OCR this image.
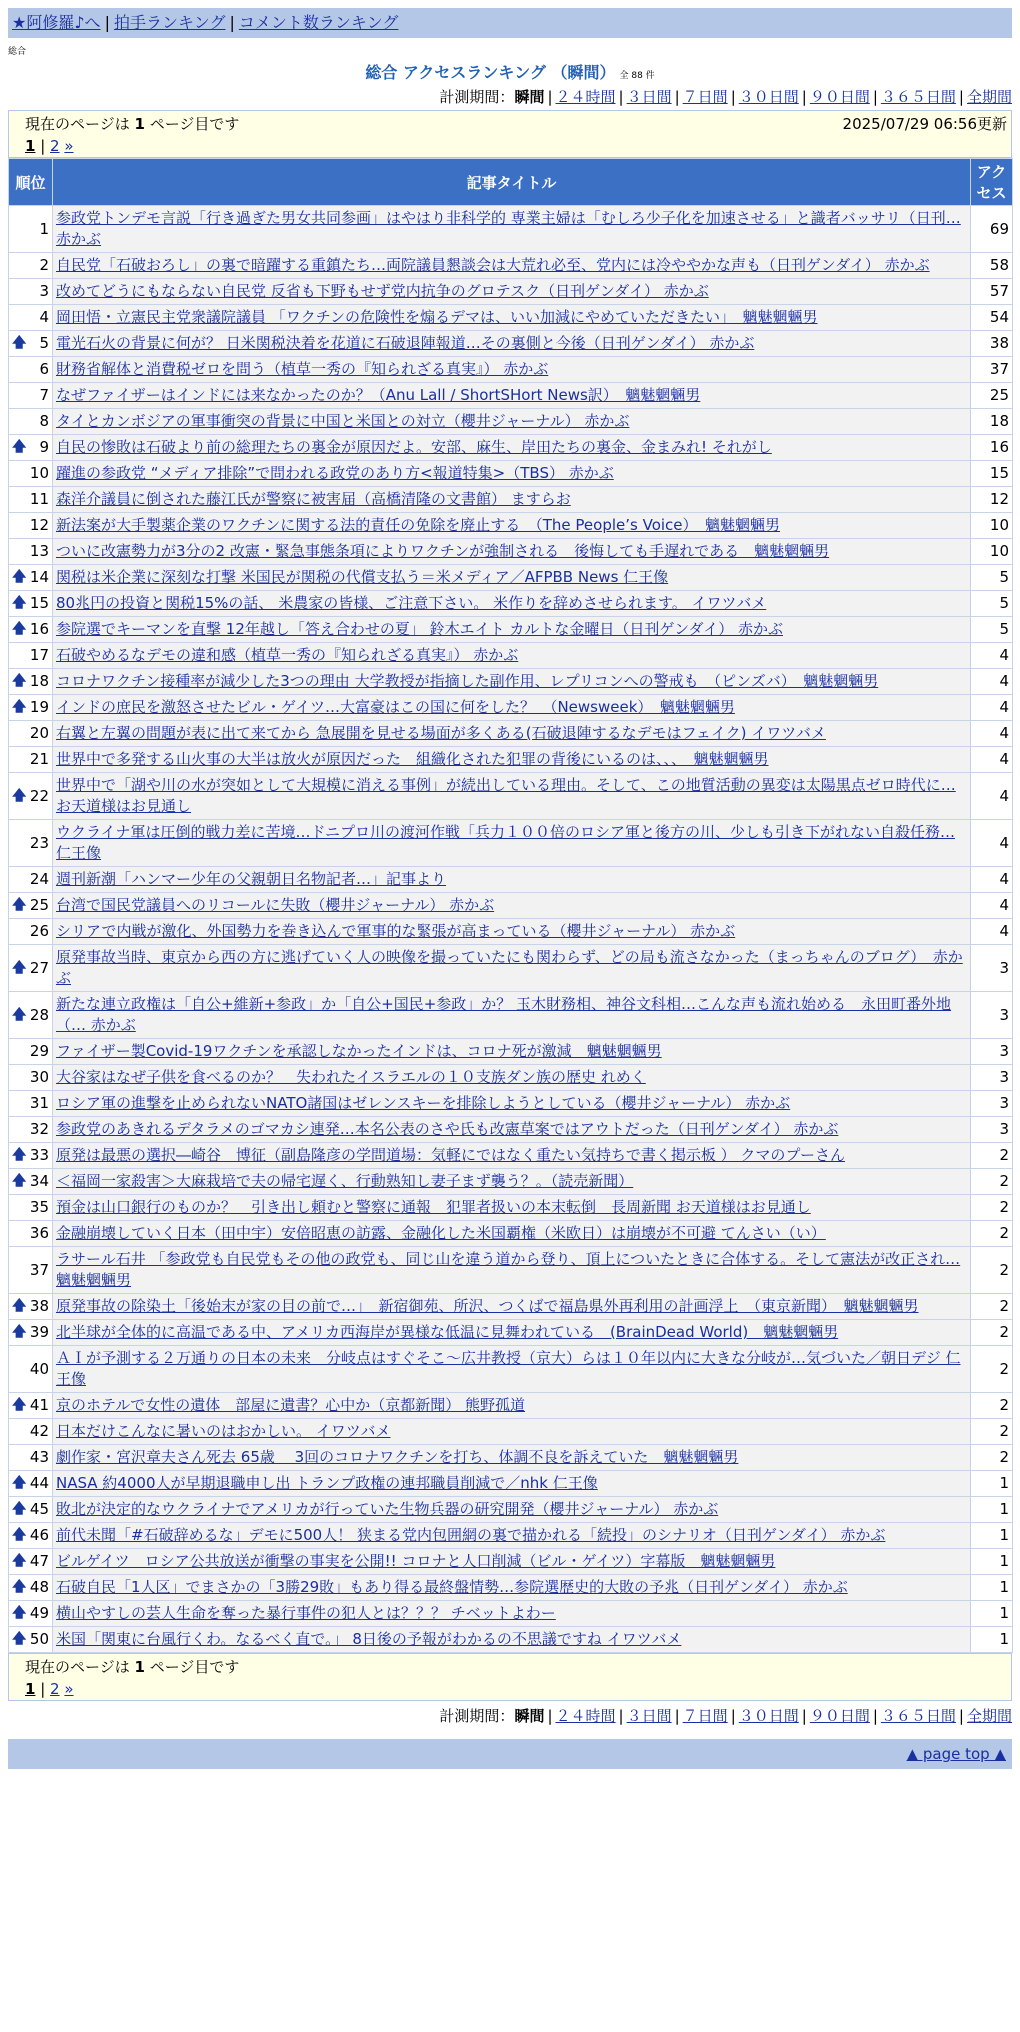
★阿修羅♪へ | 拍手ランキング | コメント数ランキング
総合
総合 アクセスランキング （瞬間） 全 88 件
計測期間：瞬間 | ２４時間 | ３日間 | ７日間 | ３０日間 | ９０日間 | ３６５日間 | 全期間
現在のページは 1 ページ目です	2025/07/29 06:56更新
1 | 2 »
順位	記事タイトル	アクセス
1	参政党トンデモ言説「行き過ぎた男女共同参画」はやはり非科学的 専業主婦は「むしろ少子化を加速させる」と識者バッサリ（日刊… 赤かぶ	69
2	自民党「石破おろし」の裏で暗躍する重鎮たち…両院議員懇談会は大荒れ必至、党内には冷ややかな声も（日刊ゲンダイ） 赤かぶ	58
3	改めてどうにもならない自民党 反省も下野もせず党内抗争のグロテスク（日刊ゲンダイ） 赤かぶ	57
4	岡田悟・立憲民主党衆議院議員 「ワクチンの危険性を煽るデマは、いい加減にやめていただきたい」　魑魅魍魎男	54

🡅 5	電光石火の背景に何が？ 日米関税決着を花道に石破退陣報道…その裏側と今後（日刊ゲンダイ） 赤かぶ	38
6	財務省解体と消費税ゼロを問う（植草一秀の『知られざる真実』） 赤かぶ	37
7	なぜファイザーはインドには来なかったのか？（Anu Lall / ShortSHort News訳）　魑魅魍魎男	25
8	タイとカンボジアの軍事衝突の背景に中国と米国との対立（櫻井ジャーナル） 赤かぶ	18

🡅 9	自民の惨敗は石破より前の総理たちの裏金が原因だよ。安部、麻生、岸田たちの裏金、金まみれ! それがし	16
10	躍進の参政党 “メディア排除”で問われる政党のあり方<報道特集>（TBS） 赤かぶ	15
11	森洋介議員に倒された藤江氏が警察に被害届（高橋清隆の文書館） ますらお	12
12	新法案が大手製薬企業のワクチンに関する法的責任の免除を廃止する　（The People’s Voice）　魑魅魍魎男	10
13	ついに改憲勢力が3分の2 改憲・緊急事態条項によりワクチンが強制される　後悔しても手遅れである　魑魅魍魎男	10

🡅 14	関税は米企業に深刻な打撃 米国民が関税の代償支払う＝米メディア／AFPBB News 仁王像	5

🡅 15	80兆円の投資と関税15%の話、 米農家の皆様、ご注意下さい。 米作りを辞めさせられます。 イワツバメ	5

🡅 16	参院選でキーマンを直撃 12年越し「答え合わせの夏」 鈴木エイト カルトな金曜日（日刊ゲンダイ） 赤かぶ	5
17	石破やめるなデモの違和感（植草一秀の『知られざる真実』） 赤かぶ	4

🡅 18	コロナワクチン接種率が減少した3つの理由 大学教授が指摘した副作用、レプリコンへの警戒も　（ピンズバ）　魑魅魍魎男	4

🡅 19	インドの庶民を激怒させたビル・ゲイツ…大富豪はこの国に何をした？　（Newsweek）　魑魅魍魎男	4
20	右翼と左翼の問題が表に出て来てから 急展開を見せる場面が多くある(石破退陣するなデモはフェイク) イワツバメ	4
21	世界中で多発する山火事の大半は放火が原因だった　組織化された犯罪の背後にいるのは、、、　魑魅魍魎男	4

🡅 22	世界中で「湖や川の水が突如として大規模に消える事例」が続出している理由。そして、この地質活動の異変は太陽黒点ゼロ時代に… お天道様はお見通し	4
23	ウクライナ軍は圧倒的戦力差に苦境…ドニプロ川の渡河作戦「兵力１００倍のロシア軍と後方の川、少しも引き下がれない自殺任務… 仁王像	4
24	週刊新潮「ハンマー少年の父親朝日名物記者…」記事より	4

🡅 25	台湾で国民党議員へのリコールに失敗（櫻井ジャーナル） 赤かぶ	4
26	シリアで内戦が激化、外国勢力を巻き込んで軍事的な緊張が高まっている（櫻井ジャーナル） 赤かぶ	4

🡅 27	原発事故当時、東京から西の方に逃げていく人の映像を撮っていたにも関わらず、どの局も流さなかった（まっちゃんのブログ）　赤かぶ	3

🡅 28	新たな連立政権は「自公+維新+参政」か「自公+国民+参政」か？ 玉木財務相、神谷文科相…こんな声も流れ始める　永田町番外地（… 赤かぶ	3
29	ファイザー製Covid-19ワクチンを承認しなかったインドは、コロナ死が激減　魑魅魍魎男	3
30	大谷家はなぜ子供を食べるのか？　失われたイスラエルの１０支族ダン族の歴史 れめく	3
31	ロシア軍の進撃を止められないNATO諸国はゼレンスキーを排除しようとしている（櫻井ジャーナル） 赤かぶ	3
32	参政党のあきれるデタラメのゴマカシ連発…本名公表のさや氏も改憲草案ではアウトだった（日刊ゲンダイ） 赤かぶ	3

🡅 33	原発は最悪の選択―崎谷　博征（副島隆彦の学問道場：気軽にではなく重たい気持ちで書く掲示板 ） クマのプーさん	2

🡅 34	＜福岡一家殺害＞大麻栽培で夫の帰宅遅く、行動熟知し妻子まず襲う？。（読売新聞）	2
35	預金は山口銀行のものか？　引き出し頼むと警察に通報　犯罪者扱いの本末転倒　長周新聞 お天道様はお見通し	2
36	金融崩壊していく日本（田中宇）安倍昭恵の訪露、金融化した米国覇権（米欧日）は崩壊が不可避 てんさい（い）	2
37	ラサール石井 「参政党も自民党もその他の政党も、同じ山を違う道から登り、頂上についたときに合体する。そして憲法が改正され… 魑魅魍魎男	2

🡅 38	原発事故の除染土「後始末が家の目の前で…」　新宿御苑、所沢、つくばで福島県外再利用の計画浮上　（東京新聞）　魑魅魍魎男	2

🡅 39	北半球が全体的に高温である中、アメリカ西海岸が異様な低温に見舞われている　(BrainDead World)　魑魅魍魎男	2
40	ＡＩが予測する２万通りの日本の未来　分岐点はすぐそこ～広井教授（京大）らは１０年以内に大きな分岐が…気づいた／朝日デジ 仁王像	2

🡅 41	京のホテルで女性の遺体　部屋に遺書？心中か（京都新聞） 熊野孤道	2
42	日本だけこんなに暑いのはおかしい。 イワツバメ	2
43	劇作家・宮沢章夫さん死去 65歳　 3回のコロナワクチンを打ち、体調不良を訴えていた　魑魅魍魎男	2

🡅 44	NASA 約4000人が早期退職申し出 トランプ政権の連邦職員削減で／nhk 仁王像	1

🡅 45	敗北が決定的なウクライナでアメリカが行っていた生物兵器の研究開発（櫻井ジャーナル） 赤かぶ	1

🡅 46	前代未聞「#石破辞めるな」デモに500人！ 狭まる党内包囲網の裏で描かれる「続投」のシナリオ（日刊ゲンダイ） 赤かぶ	1

🡅 47	ビルゲイツ　ロシア公共放送が衝撃の事実を公開!! コロナと人口削減（ビル・ゲイツ）字幕版　魑魅魍魎男	1

🡅 48	石破自民「1人区」でまさかの「3勝29敗」もあり得る最終盤情勢…参院選歴史的大敗の予兆（日刊ゲンダイ） 赤かぶ	1

🡅 49	横山やすしの芸人生命を奪った暴行事件の犯人とは？？？ チベットよわー	1

🡅 50	米国「関東に台風行くわ。なるべく直で。」 8日後の予報がわかるの不思議ですね イワツバメ	1
現在のページは 1 ページ目です
1 | 2 »
計測期間：瞬間 | ２４時間 | ３日間 | ７日間 | ３０日間 | ９０日間 | ３６５日間 | 全期間
▲ page top ▲
